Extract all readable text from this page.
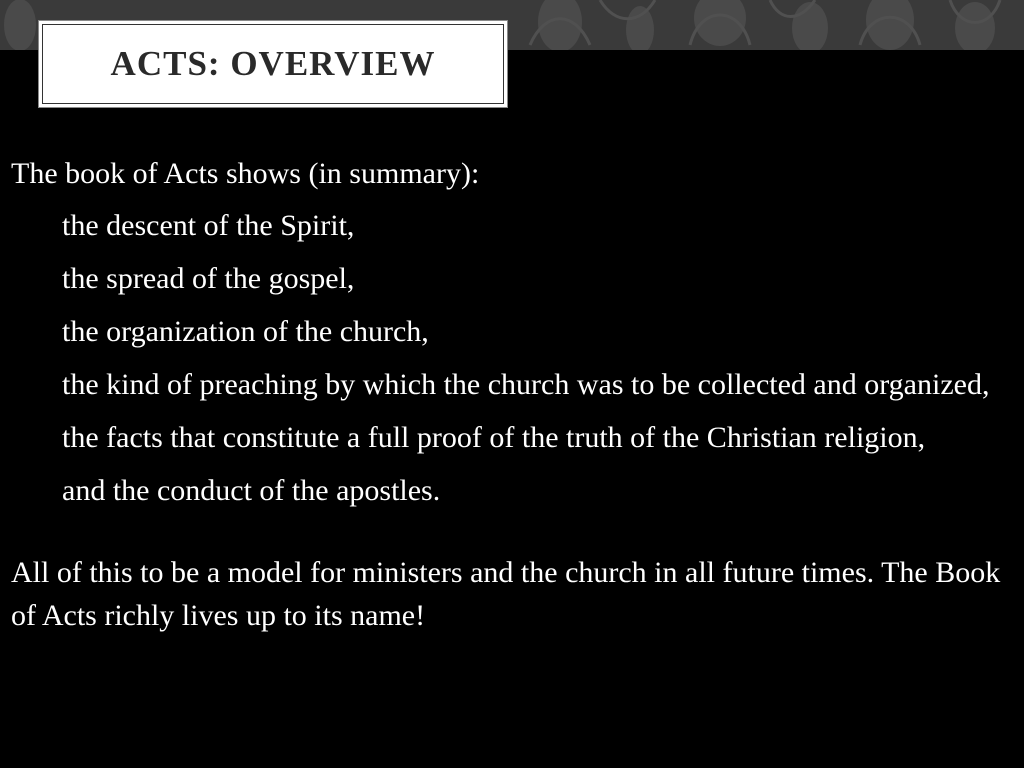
ACTS: OVERVIEW

The book of Acts shows (in summary):

the descent of the Spirit,
the spread of the gospel,
the organization of the church,
the kind of preaching by which the church was to be collected and organized,
the facts that constitute a full proof of the truth of the Christian religion,
and the conduct of the apostles.

All of this to be a model for ministers and the church in all future times. The Book of Acts richly lives up to its name!
